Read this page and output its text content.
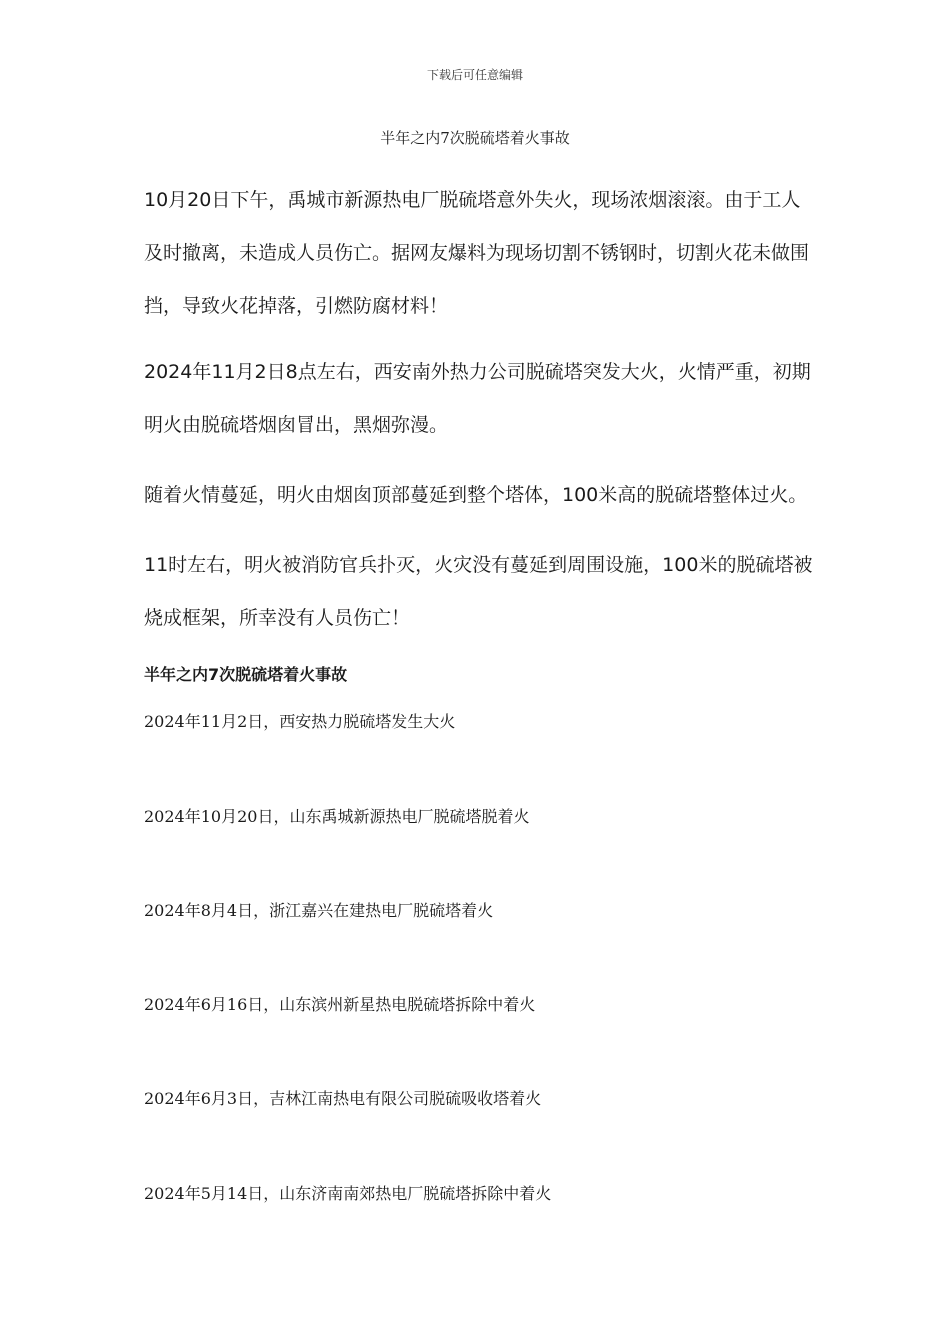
下载后可任意编辑
半年之内7次脱硫塔着火事故

10月20日下午，禹城市新源热电厂脱硫塔意外失火，现场浓烟滚滚。由于工人及时撤离，未造成人员伤亡。据网友爆料为现场切割不锈钢时，切割火花未做围挡，导致火花掉落，引燃防腐材料！

2024年11月2日8点左右，西安南外热力公司脱硫塔突发大火，火情严重，初期明火由脱硫塔烟囱冒出，黑烟弥漫。

随着火情蔓延，明火由烟囱顶部蔓延到整个塔体，100米高的脱硫塔整体过火。

11时左右，明火被消防官兵扑灭，火灾没有蔓延到周围设施，100米的脱硫塔被烧成框架，所幸没有人员伤亡！

半年之内7次脱硫塔着火事故
2024年11月2日，西安热力脱硫塔发生大火
2024年10月20日，山东禹城新源热电厂脱硫塔脱着火
2024年8月4日，浙江嘉兴在建热电厂脱硫塔着火
2024年6月16日，山东滨州新星热电脱硫塔拆除中着火
2024年6月3日，吉林江南热电有限公司脱硫吸收塔着火
2024年5月14日，山东济南南郊热电厂脱硫塔拆除中着火
